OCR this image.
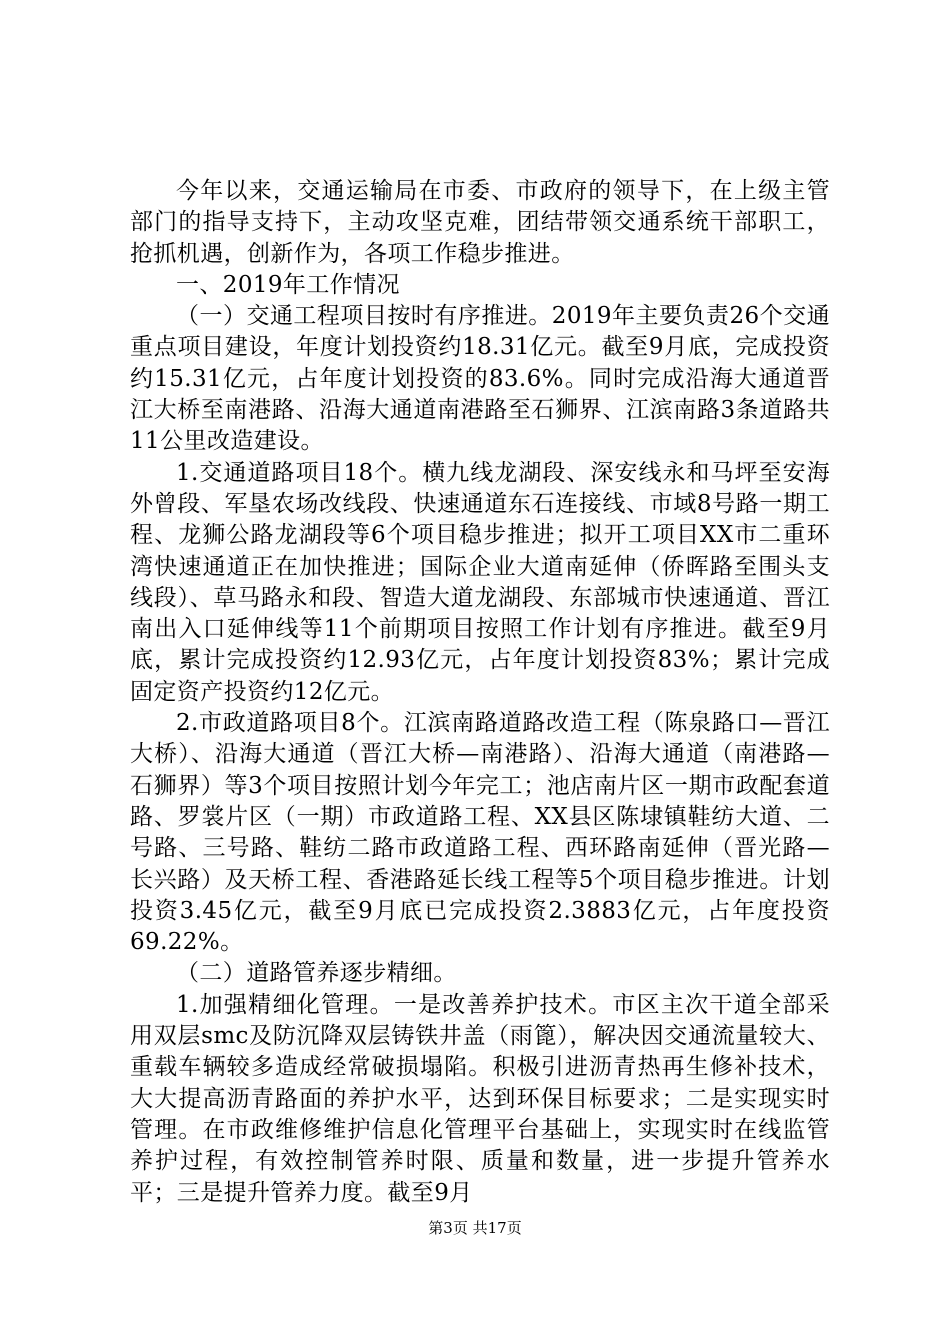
今年以来，交通运输局在市委、市政府的领导下，在上级主管部门的指导支持下，主动攻坚克难，团结带领交通系统干部职工，抢抓机遇，创新作为，各项工作稳步推进。

一、2019年工作情况

（一）交通工程项目按时有序推进。2019年主要负责26个交通重点项目建设，年度计划投资约18.31亿元。截至9月底，完成投资约15.31亿元，占年度计划投资的83.6%。同时完成沿海大通道晋江大桥至南港路、沿海大通道南港路至石狮界、江滨南路3条道路共11公里改造建设。

1.交通道路项目18个。横九线龙湖段、深安线永和马坪至安海外曾段、军垦农场改线段、快速通道东石连接线、市域8号路一期工程、龙狮公路龙湖段等6个项目稳步推进；拟开工项目XX市二重环湾快速通道正在加快推进；国际企业大道南延伸（侨晖路至围头支线段）、草马路永和段、智造大道龙湖段、东部城市快速通道、晋江南出入口延伸线等11个前期项目按照工作计划有序推进。截至9月底，累计完成投资约12.93亿元，占年度计划投资83%；累计完成固定资产投资约12亿元。

2.市政道路项目8个。江滨南路道路改造工程（陈泉路口—晋江大桥）、沿海大通道（晋江大桥—南港路）、沿海大通道（南港路—石狮界）等3个项目按照计划今年完工；池店南片区一期市政配套道路、罗裳片区（一期）市政道路工程、XX县区陈埭镇鞋纺大道、二号路、三号路、鞋纺二路市政道路工程、西环路南延伸（晋光路—长兴路）及天桥工程、香港路延长线工程等5个项目稳步推进。计划投资3.45亿元，截至9月底已完成投资2.3883亿元，占年度投资69.22%。

（二）道路管养逐步精细。

1.加强精细化管理。一是改善养护技术。市区主次干道全部采用双层smc及防沉降双层铸铁井盖（雨篦），解决因交通流量较大、重载车辆较多造成经常破损塌陷。积极引进沥青热再生修补技术，大大提高沥青路面的养护水平，达到环保目标要求；二是实现实时管理。在市政维修维护信息化管理平台基础上，实现实时在线监管养护过程，有效控制管养时限、质量和数量，进一步提升管养水平；三是提升管养力度。截至9月

第3页 共17页
